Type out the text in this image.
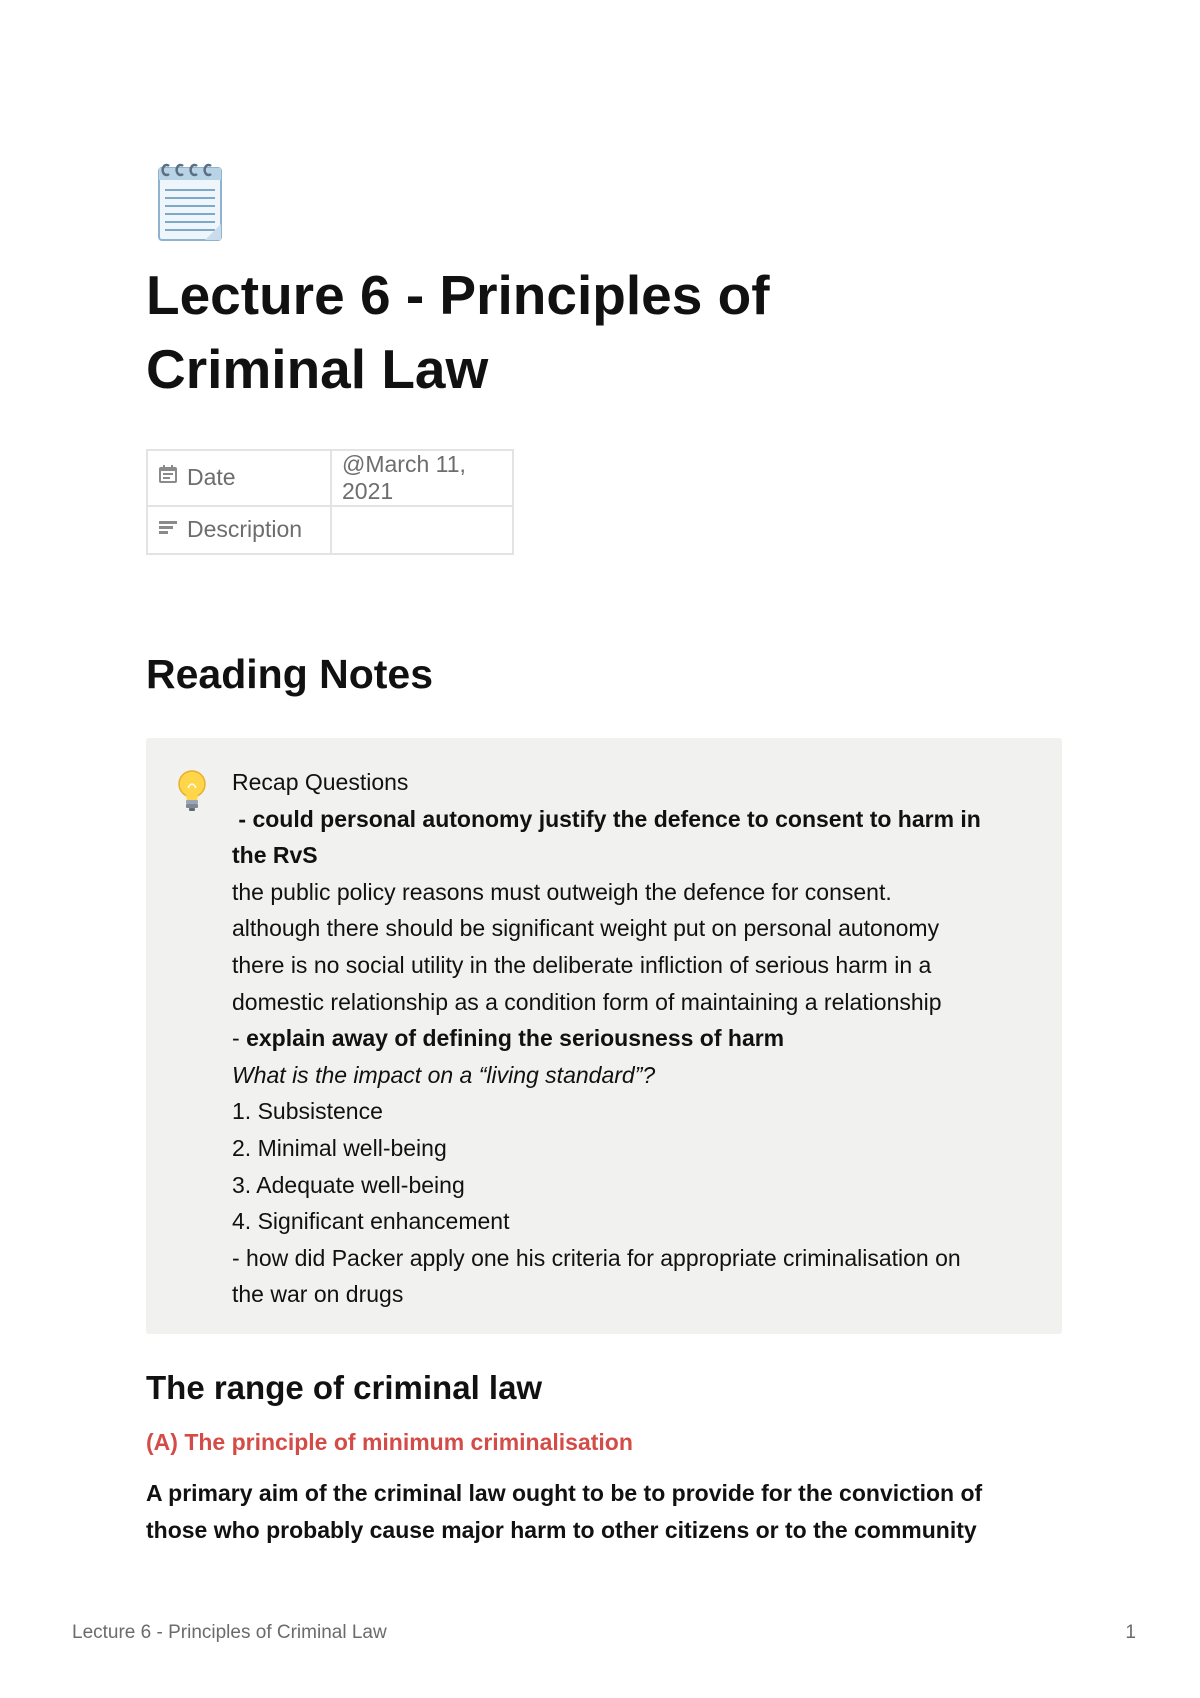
Lecture 6 - Principles of
Criminal Law
Date	@March 11, 2021
Description	
Reading Notes
Recap Questions
- could personal autonomy justify the defence to consent to harm in
the RvS
the public policy reasons must outweigh the defence for consent.
although there should be significant weight put on personal autonomy
there is no social utility in the deliberate infliction of serious harm in a
domestic relationship as a condition form of maintaining a relationship
- explain away of defining the seriousness of harm
What is the impact on a “living standard”?
1. Subsistence
2. Minimal well-being
3. Adequate well-being
4. Significant enhancement
- how did Packer apply one his criteria for appropriate criminalisation on
the war on drugs
The range of criminal law
(A) The principle of minimum criminalisation

A primary aim of the criminal law ought to be to provide for the conviction of
those who probably cause major harm to other citizens or to the community

Lecture 6 - Principles of Criminal Law	1
